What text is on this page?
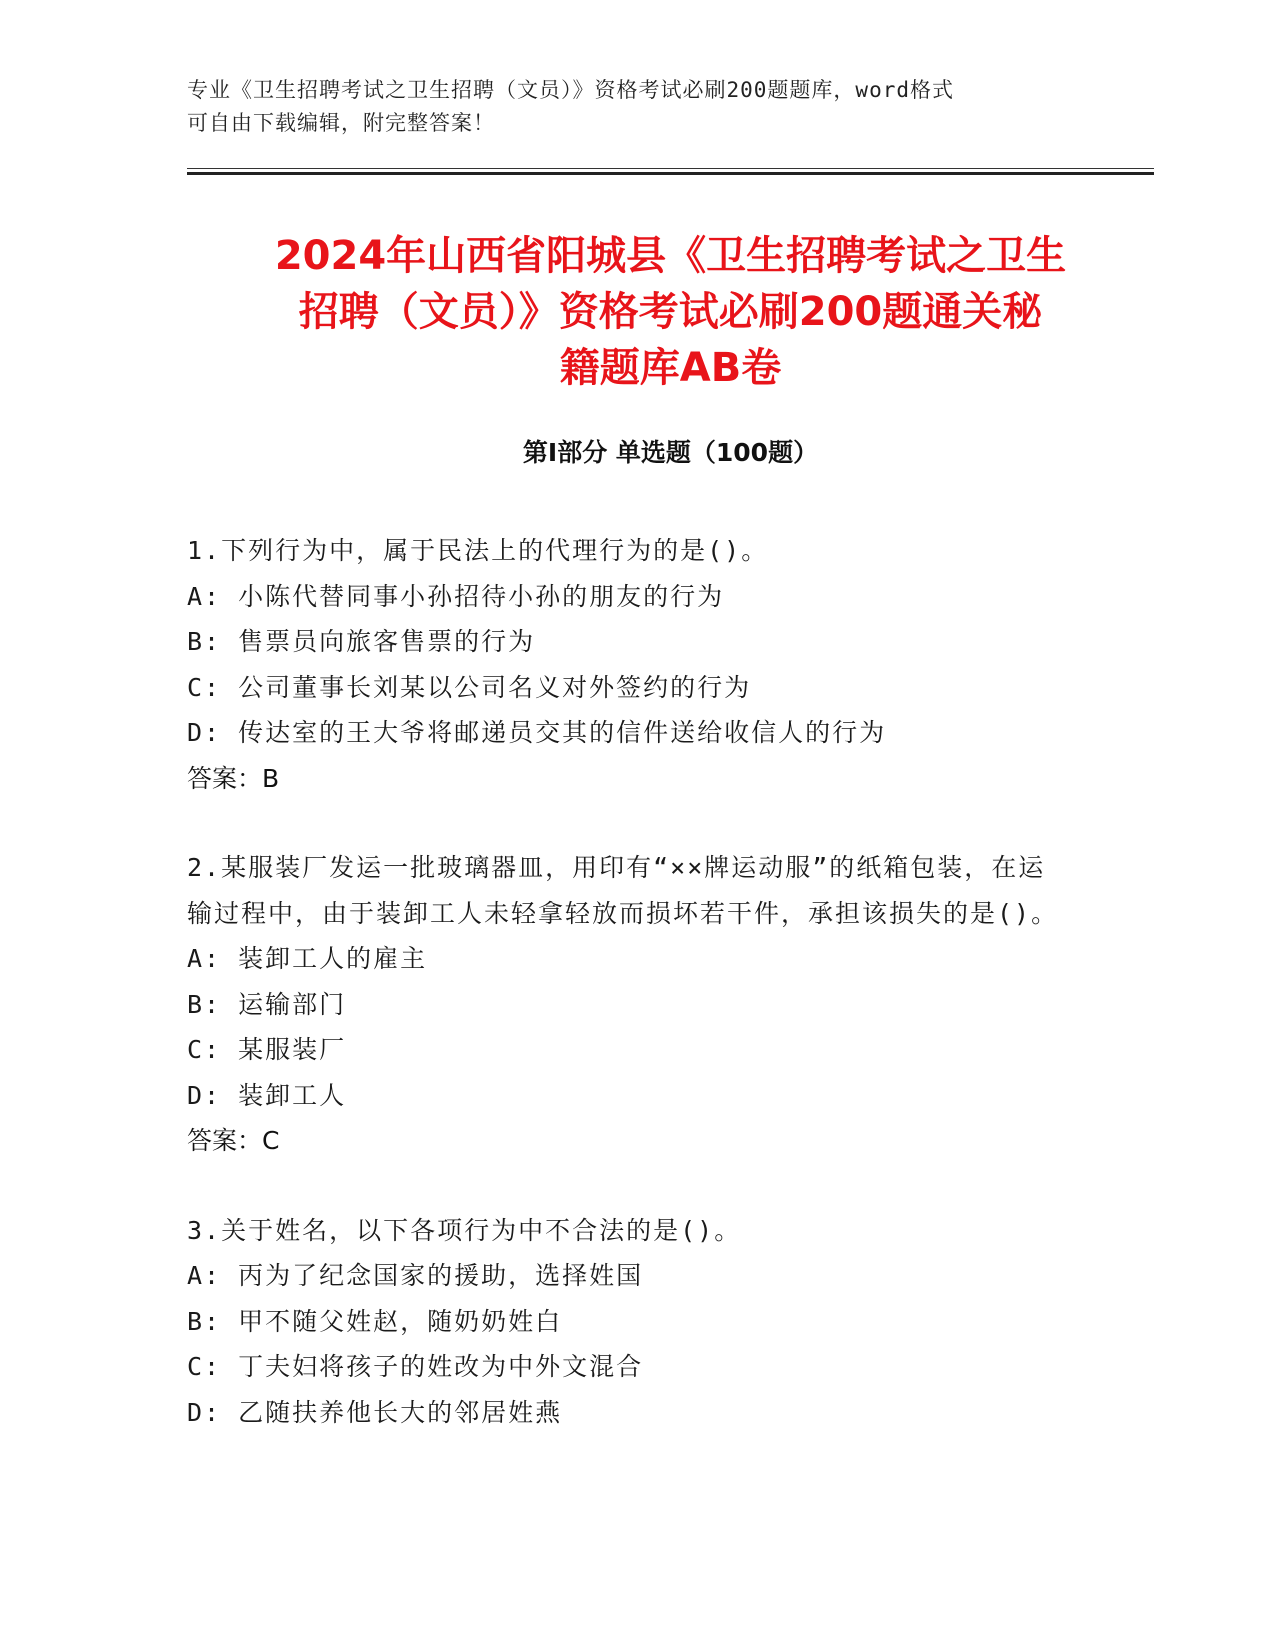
专业《卫生招聘考试之卫生招聘（文员）》资格考试必刷200题题库，word格式
可自由下载编辑，附完整答案！
2024年山西省阳城县《卫生招聘考试之卫生
招聘（文员）》资格考试必刷200题通关秘
籍题库AB卷
第Ⅰ部分 单选题（100题）
1.下列行为中，属于民法上的代理行为的是()。
A: 小陈代替同事小孙招待小孙的朋友的行为
B: 售票员向旅客售票的行为
C: 公司董事长刘某以公司名义对外签约的行为
D: 传达室的王大爷将邮递员交其的信件送给收信人的行为
答案：B
2.某服装厂发运一批玻璃器皿，用印有“××牌运动服”的纸箱包装，在运输过程中，由于装卸工人未轻拿轻放而损坏若干件，承担该损失的是()。
A: 装卸工人的雇主
B: 运输部门
C: 某服装厂
D: 装卸工人
答案：C
3.关于姓名，以下各项行为中不合法的是()。
A: 丙为了纪念国家的援助，选择姓国
B: 甲不随父姓赵，随奶奶姓白
C: 丁夫妇将孩子的姓改为中外文混合
D: 乙随扶养他长大的邻居姓燕
